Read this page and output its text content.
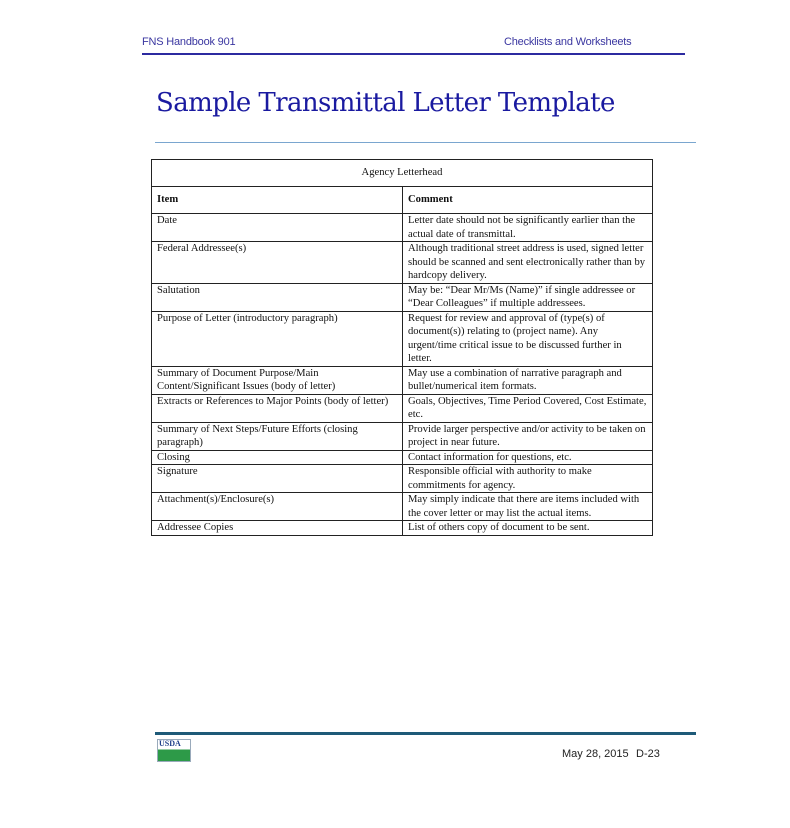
FNS Handbook 901	Checklists and Worksheets
Sample Transmittal Letter Template
Agency Letterhead	
Item	Comment
Date	Letter date should not be significantly earlier than the actual date of transmittal.
Federal Addressee(s)	Although traditional street address is used, signed letter should be scanned and sent electronically rather than by hardcopy delivery.
Salutation	May be: “Dear Mr/Ms (Name)” if single addressee or “Dear Colleagues” if multiple addressees.
Purpose of Letter (introductory paragraph)	Request for review and approval of (type(s) of document(s)) relating to (project name). Any urgent/time critical issue to be discussed further in letter.
Summary of Document Purpose/Main Content/Significant Issues (body of letter)	May use a combination of narrative paragraph and bullet/numerical item formats.
Extracts or References to Major Points (body of letter)	Goals, Objectives, Time Period Covered, Cost Estimate, etc.
Summary of Next Steps/Future Efforts (closing paragraph)	Provide larger perspective and/or activity to be taken on project in near future.
Closing	Contact information for questions, etc.
Signature	Responsible official with authority to make commitments for agency.
Attachment(s)/Enclosure(s)	May simply indicate that there are items included with the cover letter or may list the actual items.
Addressee Copies	List of others copy of document to be sent.
USDA
May 28, 2015 D-23
